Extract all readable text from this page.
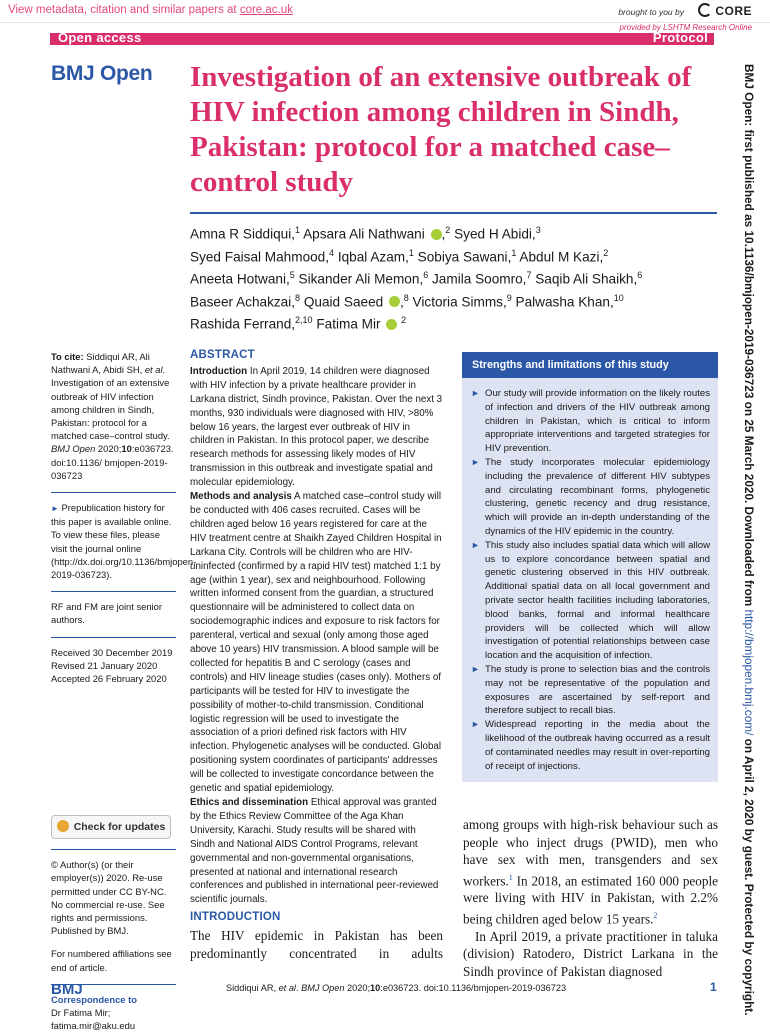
View metadata, citation and similar papers at core.ac.uk	brought to you by	CORE
Open access	Protocol
provided by LSHTM Research Online
BMJ Open Investigation of an extensive outbreak of HIV infection among children in Sindh, Pakistan: protocol for a matched case–control study
Amna R Siddiqui,$^1$ Apsara Ali Nathwani ,$^2$ Syed H Abidi,$^3$
Syed Faisal Mahmood,$^4$ Iqbal Azam,$^1$ Sobiya Sawani,$^1$ Abdul M Kazi,$^2$
Aneeta Hotwani,$^5$ Sikander Ali Memon,$^6$ Jamila Soomro,$^7$ Saqib Ali Shaikh,$^6$
Baseer Achakzai,$^8$ Quaid Saeed ,$^8$ Victoria Simms,$^9$ Palwasha Khan,$^{10}$
Rashida Ferrand,$^{2,10}$ Fatima Mir $^2$

To cite: Siddiqui AR, Ali Nathwani A, Abidi SH, et al. Investigation of an extensive outbreak of HIV infection among children in Sindh, Pakistan: protocol for a matched case–control study. BMJ Open 2020;10:e036723. doi:10.1136/ bmjopen-2019-036723

► Prepublication history for this paper is available online. To view these files, please visit the journal online (http://dx.doi.org/10.1136/bmjopen-2019-036723).

RF and FM are joint senior authors.

Received 30 December 2019

Revised 21 January 2020

Accepted 26 February 2020

Check for updates

© Author(s) (or their employer(s)) 2020. Re-use permitted under CC BY-NC. No commercial re-use. See rights and permissions. Published by BMJ.

For numbered affiliations see end of article.

Correspondence to

Dr Fatima Mir;

fatima.mir@aku.edu

ABSTRACT

Introduction In April 2019, 14 children were diagnosed with HIV infection by a private healthcare provider in Larkana district, Sindh province, Pakistan. Over the next 3 months, 930 individuals were diagnosed with HIV, >80% below 16 years, the largest ever outbreak of HIV in children in Pakistan. In this protocol paper, we describe research methods for assessing likely modes of HIV transmission in this outbreak and investigate spatial and molecular epidemiology.

Methods and analysis A matched case–control study will be conducted with 406 cases recruited. Cases will be children aged below 16 years registered for care at the HIV treatment centre at Shaikh Zayed Children Hospital in Larkana City. Controls will be children who are HIV-uninfected (confirmed by a rapid HIV test) matched 1:1 by age (within 1 year), sex and neighbourhood. Following written informed consent from the guardian, a structured questionnaire will be administered to collect data on sociodemographic indices and exposure to risk factors for parenteral, vertical and sexual (only among those aged above 10 years) HIV transmission. A blood sample will be collected for hepatitis B and C serology (cases and controls) and HIV lineage studies (cases only). Mothers of participants will be tested for HIV to investigate the possibility of mother-to-child transmission. Conditional logistic regression will be used to investigate the association of a priori defined risk factors with HIV infection. Phylogenetic analyses will be conducted. Global positioning system coordinates of participants' addresses will be collected to investigate concordance between the genetic and spatial epidemiology.

Ethics and dissemination Ethical approval was granted by the Ethics Review Committee of the Aga Khan University, Karachi. Study results will be shared with Sindh and National AIDS Control Programs, relevant governmental and non-governmental organisations, presented at national and international research conferences and published in international peer-reviewed scientific journals.

Strengths and limitations of this study
► Our study will provide information on the likely routes of infection and drivers of the HIV outbreak among children in Pakistan, which is critical to inform appropriate interventions and targeted strategies for HIV prevention.
► The study incorporates molecular epidemiology including the prevalence of different HIV subtypes and circulating recombinant forms, phylogenetic clustering, genetic recency and drug resistance, which will provide an in-depth understanding of the dynamics of the HIV epidemic in the country.
► This study also includes spatial data which will allow us to explore concordance between spatial and genetic clustering observed in this HIV outbreak. Additional spatial data on all local government and private sector health facilities including laboratories, blood banks, formal and informal healthcare providers will be collected which will allow investigation of potential relationships between case location and the acquisition of infection.
► The study is prone to selection bias and the controls may not be representative of the population and exposures are ascertained by self-report and therefore subject to recall bias.
► Widespread reporting in the media about the likelihood of the outbreak having occurred as a result of contaminated needles may result in over-reporting of receipt of injections.

INTRODUCTION

The HIV epidemic in Pakistan has been

predominantly concentrated in adults

among groups with high-risk behaviour such as people who inject drugs (PWID), men who have sex with men, transgenders and sex workers.$^1$ In 2018, an estimated 160 000 people were living with HIV in Pakistan, with 2.2% being children aged below 15 years.$^2$

In April 2019, a private practitioner in taluka (division) Ratodero, District Larkana in the Sindh province of Pakistan diagnosed

BMJ Open: first published as 10.1136/bmjopen-2019-036723 on 25 March 2020. Downloaded from http://bmjopen.bmj.com/ on April 2, 2020 by guest. Protected by copyright.
BMJ	Siddiqui AR, et al. BMJ Open 2020;10:e036723. doi:10.1136/bmjopen-2019-036723	1
